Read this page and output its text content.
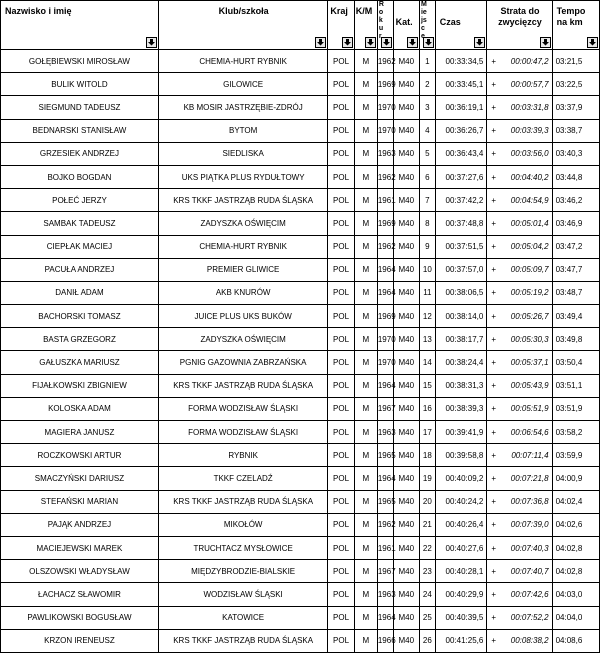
Nazwisko i imię	Klub/szkoła	Kraj	K/M	Rok u	Kat.	Miejsc	Czas	Strata do zwycięzcy	Tempo na km

GOŁĘBIEWSKI MIROSŁAW	CHEMIA-HURT RYBNIK	POL	M	1962	M40	1	00:33:34,5	+ 00:00:47,2	03:21,5
BULIK WITOLD	GILOWICE	POL	M	1969	M40	2	00:33:45,1	+ 00:00:57,7	03:22,5
SIEGMUND TADEUSZ	KB MOSIR JASTRZĘBIE-ZDRÓJ	POL	M	1970	M40	3	00:36:19,1	+ 00:03:31,8	03:37,9
BEDNARSKI STANISŁAW	BYTOM	POL	M	1970	M40	4	00:36:26,7	+ 00:03:39,3	03:38,7
GRZESIEK ANDRZEJ	SIEDLISKA	POL	M	1963	M40	5	00:36:43,4	+ 00:03:56,0	03:40,3
BOJKO BOGDAN	UKS PIĄTKA PLUS RYDUŁTOWY	POL	M	1962	M40	6	00:37:27,6	+ 00:04:40,2	03:44,8
POŁEĆ JERZY	KRS TKKF JASTRZĄB RUDA ŚLĄSKA	POL	M	1961	M40	7	00:37:42,2	+ 00:04:54,9	03:46,2
SAMBAK TADEUSZ	ZADYSZKA OŚWIĘCIM	POL	M	1969	M40	8	00:37:48,8	+ 00:05:01,4	03:46,9
CIEPŁAK MACIEJ	CHEMIA-HURT RYBNIK	POL	M	1962	M40	9	00:37:51,5	+ 00:05:04,2	03:47,2
PACUŁA ANDRZEJ	PREMIER GLIWICE	POL	M	1964	M40	10	00:37:57,0	+ 00:05:09,7	03:47,7
DANIŁ ADAM	AKB KNURÓW	POL	M	1964	M40	11	00:38:06,5	+ 00:05:19,2	03:48,7
BACHORSKI TOMASZ	JUICE PLUS UKS BUKÓW	POL	M	1969	M40	12	00:38:14,0	+ 00:05:26,7	03:49,4
BASTA GRZEGORZ	ZADYSZKA OŚWIĘCIM	POL	M	1970	M40	13	00:38:17,7	+ 00:05:30,3	03:49,8
GAŁUSZKA MARIUSZ	PGNIG GAZOWNIA ZABRZAŃSKA	POL	M	1970	M40	14	00:38:24,4	+ 00:05:37,1	03:50,4
FIJAŁKOWSKI ZBIGNIEW	KRS TKKF JASTRZĄB RUDA ŚLĄSKA	POL	M	1964	M40	15	00:38:31,3	+ 00:05:43,9	03:51,1
KOLOSKA ADAM	FORMA WODZISŁAW ŚLĄSKI	POL	M	1967	M40	16	00:38:39,3	+ 00:05:51,9	03:51,9
MAGIERA JANUSZ	FORMA WODZISŁAW ŚLĄSKI	POL	M	1963	M40	17	00:39:41,9	+ 00:06:54,6	03:58,2
ROCZKOWSKI ARTUR	RYBNIK	POL	M	1965	M40	18	00:39:58,8	+ 00:07:11,4	03:59,9
SMACZYŃSKI DARIUSZ	TKKF CZELADŹ	POL	M	1964	M40	19	00:40:09,2	+ 00:07:21,8	04:00,9
STEFAŃSKI MARIAN	KRS TKKF JASTRZĄB RUDA ŚLĄSKA	POL	M	1965	M40	20	00:40:24,2	+ 00:07:36,8	04:02,4
PAJĄK ANDRZEJ	MIKOŁÓW	POL	M	1962	M40	21	00:40:26,4	+ 00:07:39,0	04:02,6
MACIEJEWSKI MAREK	TRUCHTACZ MYSŁOWICE	POL	M	1961	M40	22	00:40:27,6	+ 00:07:40,3	04:02,8
OLSZOWSKI WŁADYSŁAW	MIĘDZYBRODZIE-BIALSKIE	POL	M	1967	M40	23	00:40:28,1	+ 00:07:40,7	04:02,8
ŁACHACZ SŁAWOMIR	WODZISŁAW ŚLĄSKI	POL	M	1963	M40	24	00:40:29,9	+ 00:07:42,6	04:03,0
PAWLIKOWSKI BOGUSŁAW	KATOWICE	POL	M	1964	M40	25	00:40:39,5	+ 00:07:52,2	04:04,0
KRZON IRENEUSZ	KRS TKKF JASTRZĄB RUDA ŚLĄSKA	POL	M	1966	M40	26	00:41:25,6	+ 00:08:38,2	04:08,6
